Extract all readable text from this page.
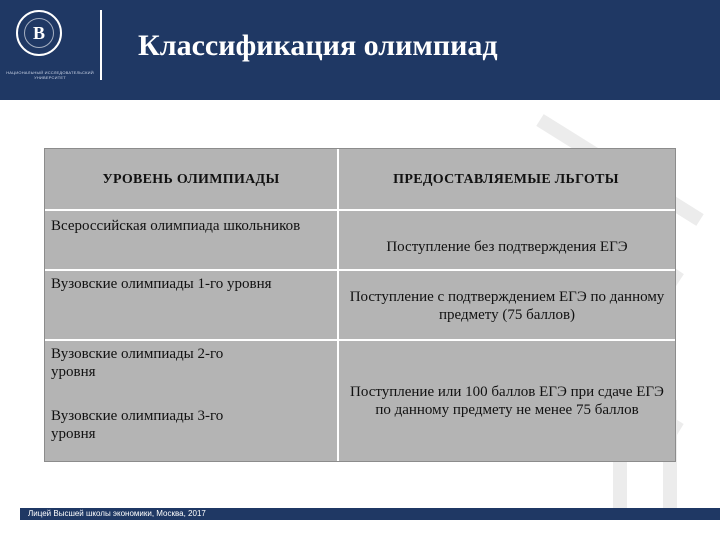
В
НАЦИОНАЛЬНЫЙ ИССЛЕДОВАТЕЛЬСКИЙ УНИВЕРСИТЕТ
Классификация олимпиад
УРОВЕНЬ ОЛИМПИАДЫ	ПРЕДОСТАВЛЯЕМЫЕ ЛЬГОТЫ
Всероссийская олимпиада школьников
Поступление без подтверждения ЕГЭ
Вузовские олимпиады 1-го уровня
Поступление с подтверждением ЕГЭ по данному предмету (75 баллов)
Вузовские олимпиады 2-го уровня
Вузовские олимпиады 3-го уровня
Поступление или 100 баллов ЕГЭ при сдаче ЕГЭ по данному предмету не менее 75 баллов
Лицей Высшей школы экономики, Москва, 2017
